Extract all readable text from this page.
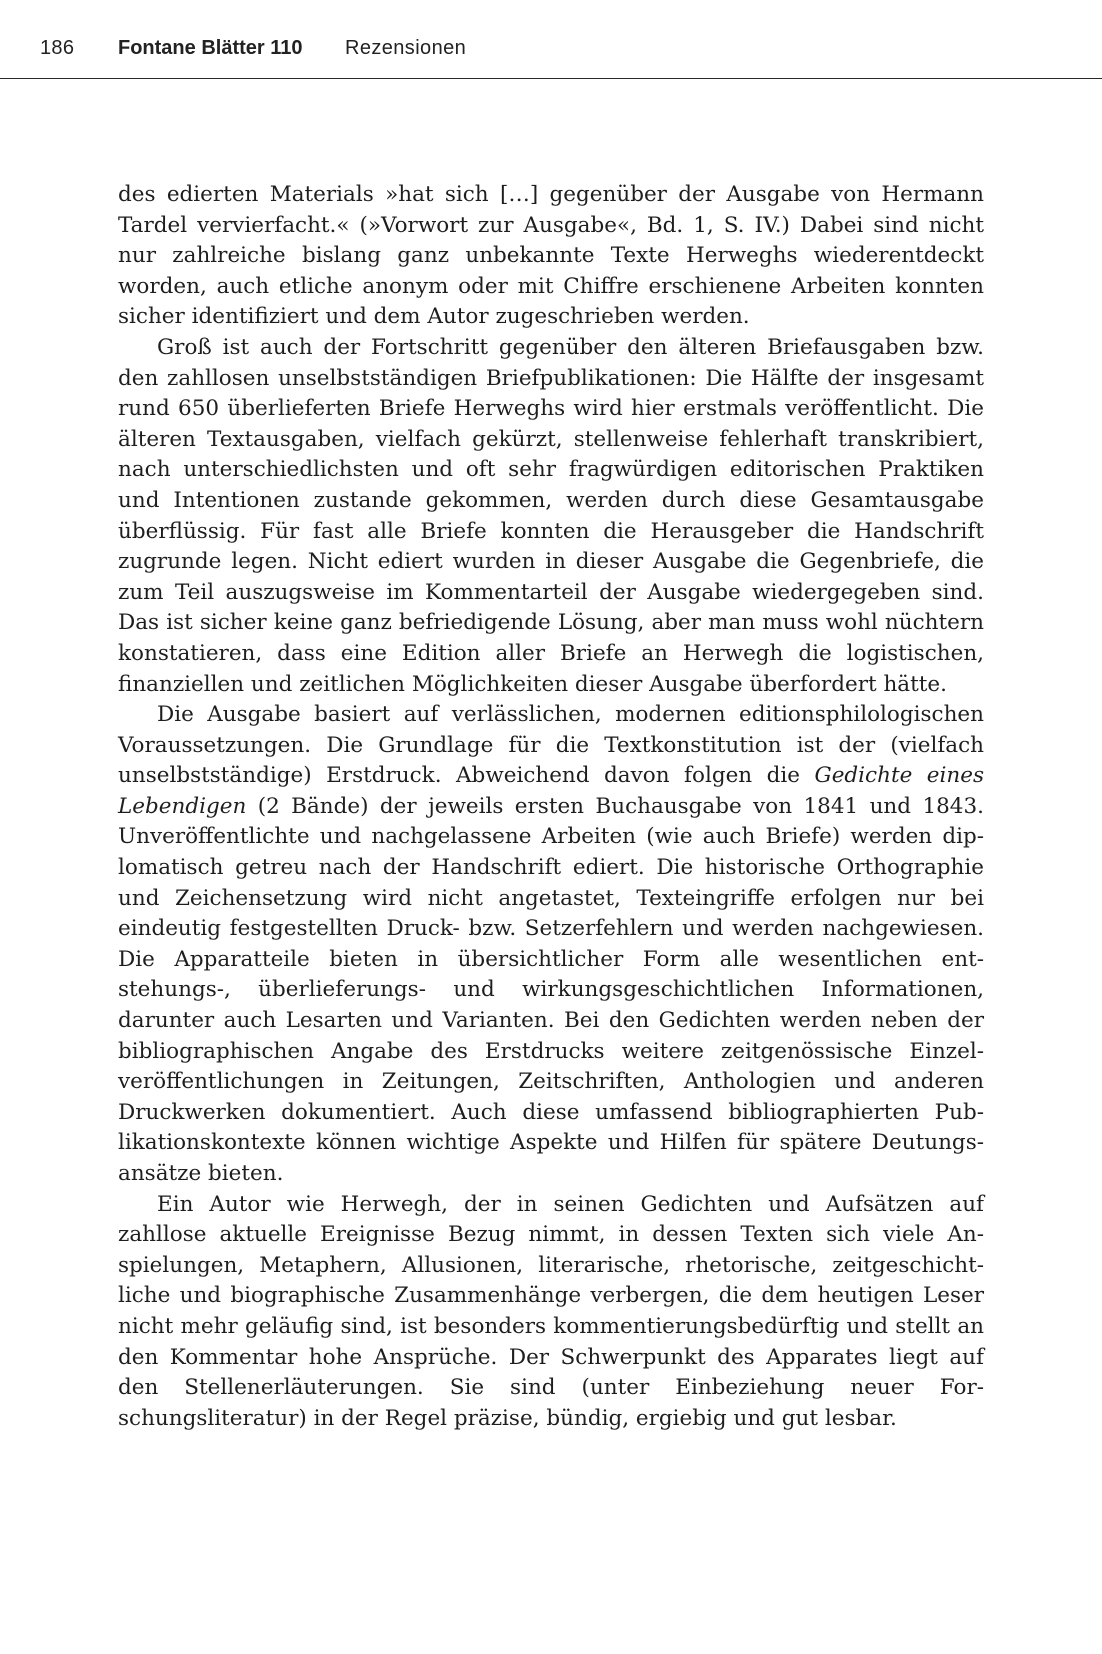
186 Fontane Blätter 110 Rezensionen

des edierten Materials »hat sich […] gegenüber der Ausgabe von Hermann Tardel vervierfacht.« (»Vorwort zur Ausgabe«, Bd. 1, S. IV.) Dabei sind nicht nur zahlreiche bislang ganz unbekannte Texte Herweghs wiederentdeckt worden, auch etliche anonym oder mit Chiffre erschienene Arbeiten konnten sicher identifiziert und dem Autor zugeschrieben werden.

Groß ist auch der Fortschritt gegenüber den älteren Briefausgaben bzw. den zahllosen unselbstständigen Briefpublikationen: Die Hälfte der insgesamt rund 650 überlieferten Briefe Herweghs wird hier erstmals veröffentlicht. Die älteren Textausgaben, vielfach gekürzt, stellenweise fehlerhaft transkribiert, nach unterschiedlichsten und oft sehr fragwürdigen editorischen Praktiken und Intentionen zustande gekommen, werden durch diese Gesamtausgabe überflüssig. Für fast alle Briefe konnten die Herausgeber die Handschrift zugrunde legen. Nicht ediert wurden in dieser Ausgabe die Gegenbriefe, die zum Teil auszugsweise im Kommentarteil der Ausgabe wiedergegeben sind. Das ist sicher keine ganz befriedigende Lösung, aber man muss wohl nüchtern konstatieren, dass eine Edition aller Briefe an Herwegh die logistischen, finanziellen und zeitlichen Möglichkeiten dieser Ausgabe überfordert hätte.

Die Ausgabe basiert auf verlässlichen, modernen editionsphilologischen Voraussetzungen. Die Grundlage für die Textkonstitution ist der (vielfach unselbstständige) Erstdruck. Abweichend davon folgen die Gedichte eines Lebendigen (2 Bände) der jeweils ersten Buchausgabe von 1841 und 1843. Unveröffentlichte und nachgelassene Arbeiten (wie auch Briefe) werden diplomatisch getreu nach der Handschrift ediert. Die historische Orthographie und Zeichensetzung wird nicht angetastet, Texteingriffe erfolgen nur bei eindeutig festgestellten Druck- bzw. Setzerfehlern und werden nachgewiesen. Die Apparatteile bieten in übersichtlicher Form alle wesentlichen entstehungs-, überlieferungs- und wirkungsgeschichtlichen Informationen, darunter auch Lesarten und Varianten. Bei den Gedichten werden neben der bibliographischen Angabe des Erstdrucks weitere zeitgenössische Einzelveröffentlichungen in Zeitungen, Zeitschriften, Anthologien und anderen Druckwerken dokumentiert. Auch diese umfassend bibliographierten Publikationskontexte können wichtige Aspekte und Hilfen für spätere Deutungsansätze bieten.

Ein Autor wie Herwegh, der in seinen Gedichten und Aufsätzen auf zahllose aktuelle Ereignisse Bezug nimmt, in dessen Texten sich viele Anspielungen, Metaphern, Allusionen, literarische, rhetorische, zeitgeschichtliche und biographische Zusammenhänge verbergen, die dem heutigen Leser nicht mehr geläufig sind, ist besonders kommentierungsbedürftig und stellt an den Kommentar hohe Ansprüche. Der Schwerpunkt des Apparates liegt auf den Stellenerläuterungen. Sie sind (unter Einbeziehung neuer Forschungsliteratur) in der Regel präzise, bündig, ergiebig und gut lesbar.
